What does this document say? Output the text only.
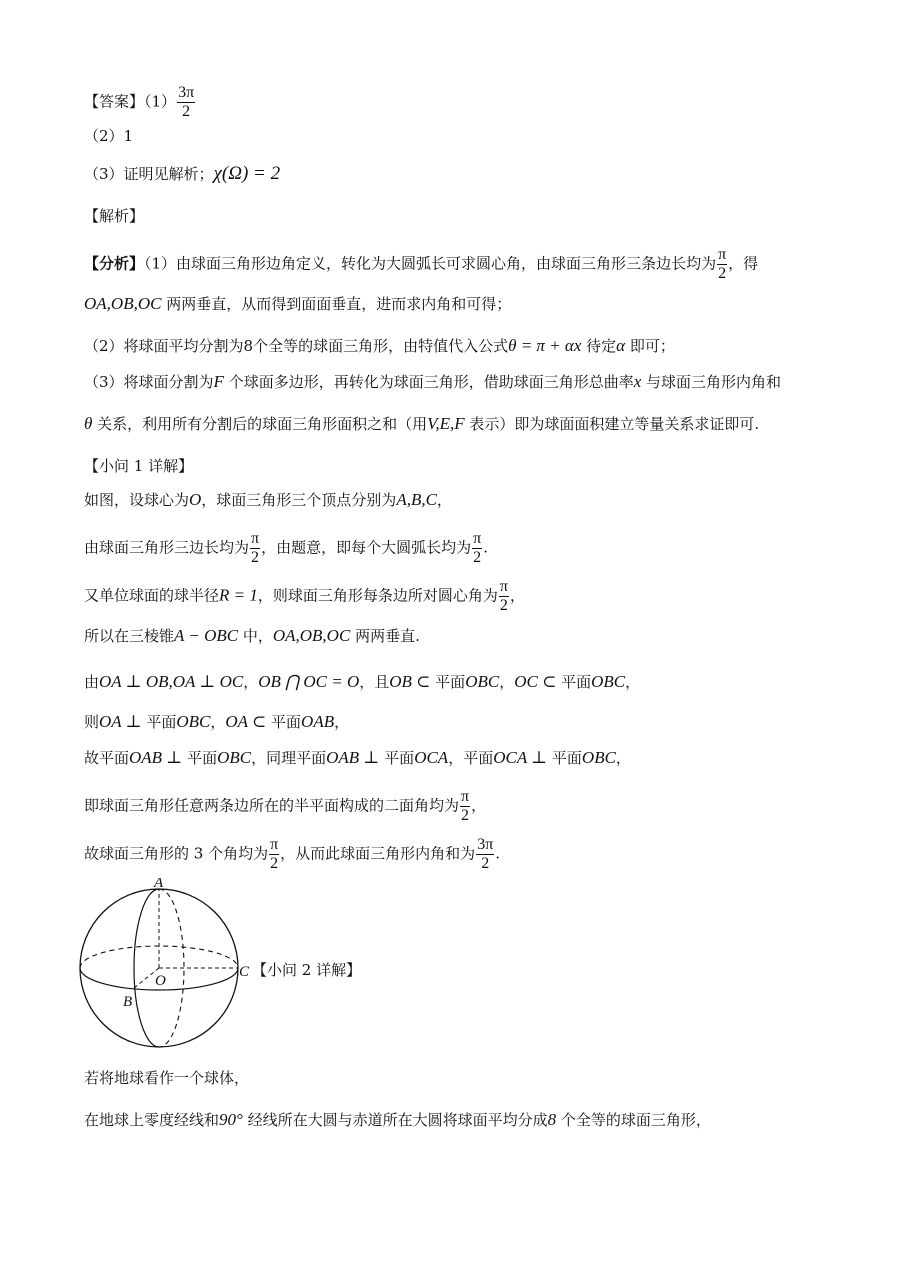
【答案】$(1) \frac{3\pi}{2}$
（2）1
（3）证明见解析；χ(Ω) = 2
【解析】
【分析】（1）由球面三角形边角定义，转化为大圆弧长可求圆心角，由球面三角形三条边长均为 $\frac{\pi}{2}$ ，得
OA,OB,OC 两两垂直，从而得到面面垂直，进而求内角和可得；
（2）将球面平均分割为8个全等的球面三角形，由特值代入公式θ = π + αx 待定α 即可；
（3）将球面分割为F 个球面多边形，再转化为球面三角形，借助球面三角形总曲率x 与球面三角形内角和
θ 关系，利用所有分割后的球面三角形面积之和（用V,E,F 表示）即为球面面积建立等量关系求证即可.
【小问 1 详解】
如图，设球心为O，球面三角形三个顶点分别为A,B,C，
由球面三角形三边长均为 $\frac{\pi}{2}$ ，由题意，即每个大圆弧长均为 $\frac{\pi}{2}$ .
又单位球面的球半径R = 1，则球面三角形每条边所对圆心角为 $\frac{\pi}{2}$ ，
所以在三棱锥A − OBC 中，OA,OB,OC 两两垂直.
由OA ⊥ OB,OA ⊥ OC，OB ⋂ OC = O，且OB ⊂ 平面OBC，OC ⊂ 平面OBC，
则OA ⊥ 平面OBC，OA ⊂ 平面OAB，
故平面OAB ⊥ 平面OBC，同理平面OAB ⊥ 平面OCA，平面OCA ⊥ 平面OBC，
即球面三角形任意两条边所在的半平面构成的二面角均为 $\frac{\pi}{2}$ ，
故球面三角形的 3 个角均为 $\frac{\pi}{2}$ ，从而此球面三角形内角和为 $\frac{3\pi}{2}$ .
A
B
C
O
【小问 2 详解】
若将地球看作一个球体，
在地球上零度经线和90° 经线所在大圆与赤道所在大圆将球面平均分成8 个全等的球面三角形，
